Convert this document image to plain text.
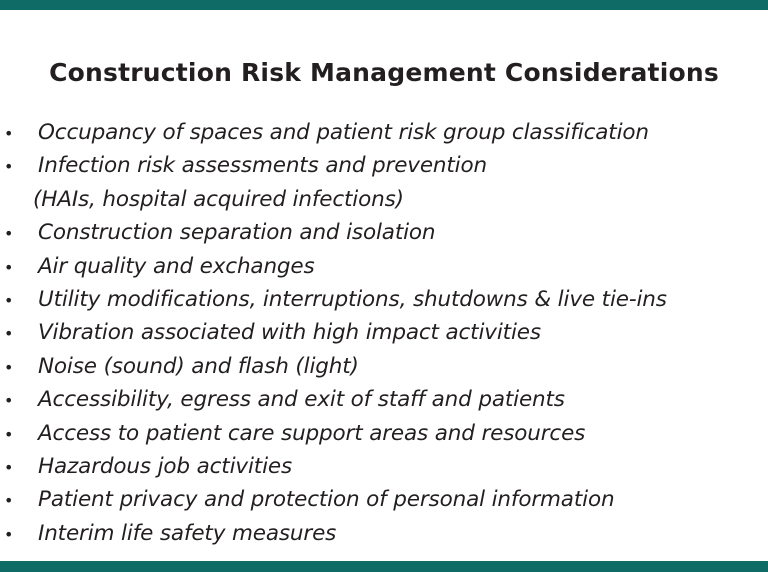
Construction Risk Management Considerations
•	Occupancy of spaces and patient risk group classification
•	Infection risk assessments and prevention
(HAIs, hospital acquired infections)
•	Construction separation and isolation
•	Air quality and exchanges
•	Utility modifications, interruptions, shutdowns & live tie-ins
•	Vibration associated with high impact activities
•	Noise (sound) and flash (light)
•	Accessibility, egress and exit of staff and patients
•	Access to patient care support areas and resources
•	Hazardous job activities
•	Patient privacy and protection of personal information
•	Interim life safety measures
